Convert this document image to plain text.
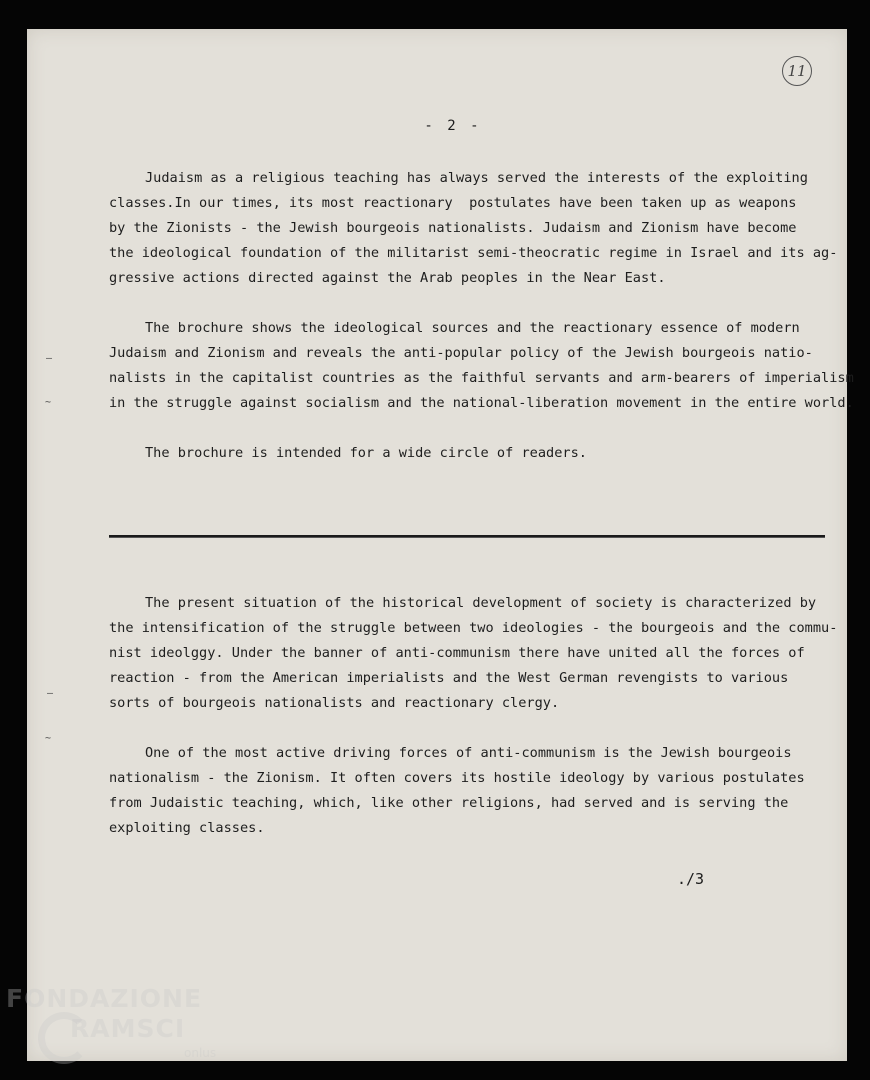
11
- 2 -
Judaism as a religious teaching has always served the interests of the exploiting
classes.In our times, its most reactionary  postulates have been taken up as weapons
by the Zionists - the Jewish bourgeois nationalists. Judaism and Zionism have become
the ideological foundation of the militarist semi-theocratic regime in Israel and its ag-
gressive actions directed against the Arab peoples in the Near East.
The brochure shows the ideological sources and the reactionary essence of modern
Judaism and Zionism and reveals the anti-popular policy of the Jewish bourgeois natio-
nalists in the capitalist countries as the faithful servants and arm-bearers of imperialism
in the struggle against socialism and the national-liberation movement in the entire world.
The brochure is intended for a wide circle of readers.
The present situation of the historical development of society is characterized by
the intensification of the struggle between two ideologies - the bourgeois and the commu-
nist ideolggy. Under the banner of anti-communism there have united all the forces of
reaction - from the American imperialists and the West German revengists to various
sorts of bourgeois nationalists and reactionary clergy.
One of the most active driving forces of anti-communism is the Jewish bourgeois
nationalism - the Zionism. It often covers its hostile ideology by various postulates
from Judaistic teaching, which, like other religions, had served and is serving the
exploiting classes.
‒
~
‒
~
./3
FONDAZIONE
RAMSCI
onlus
